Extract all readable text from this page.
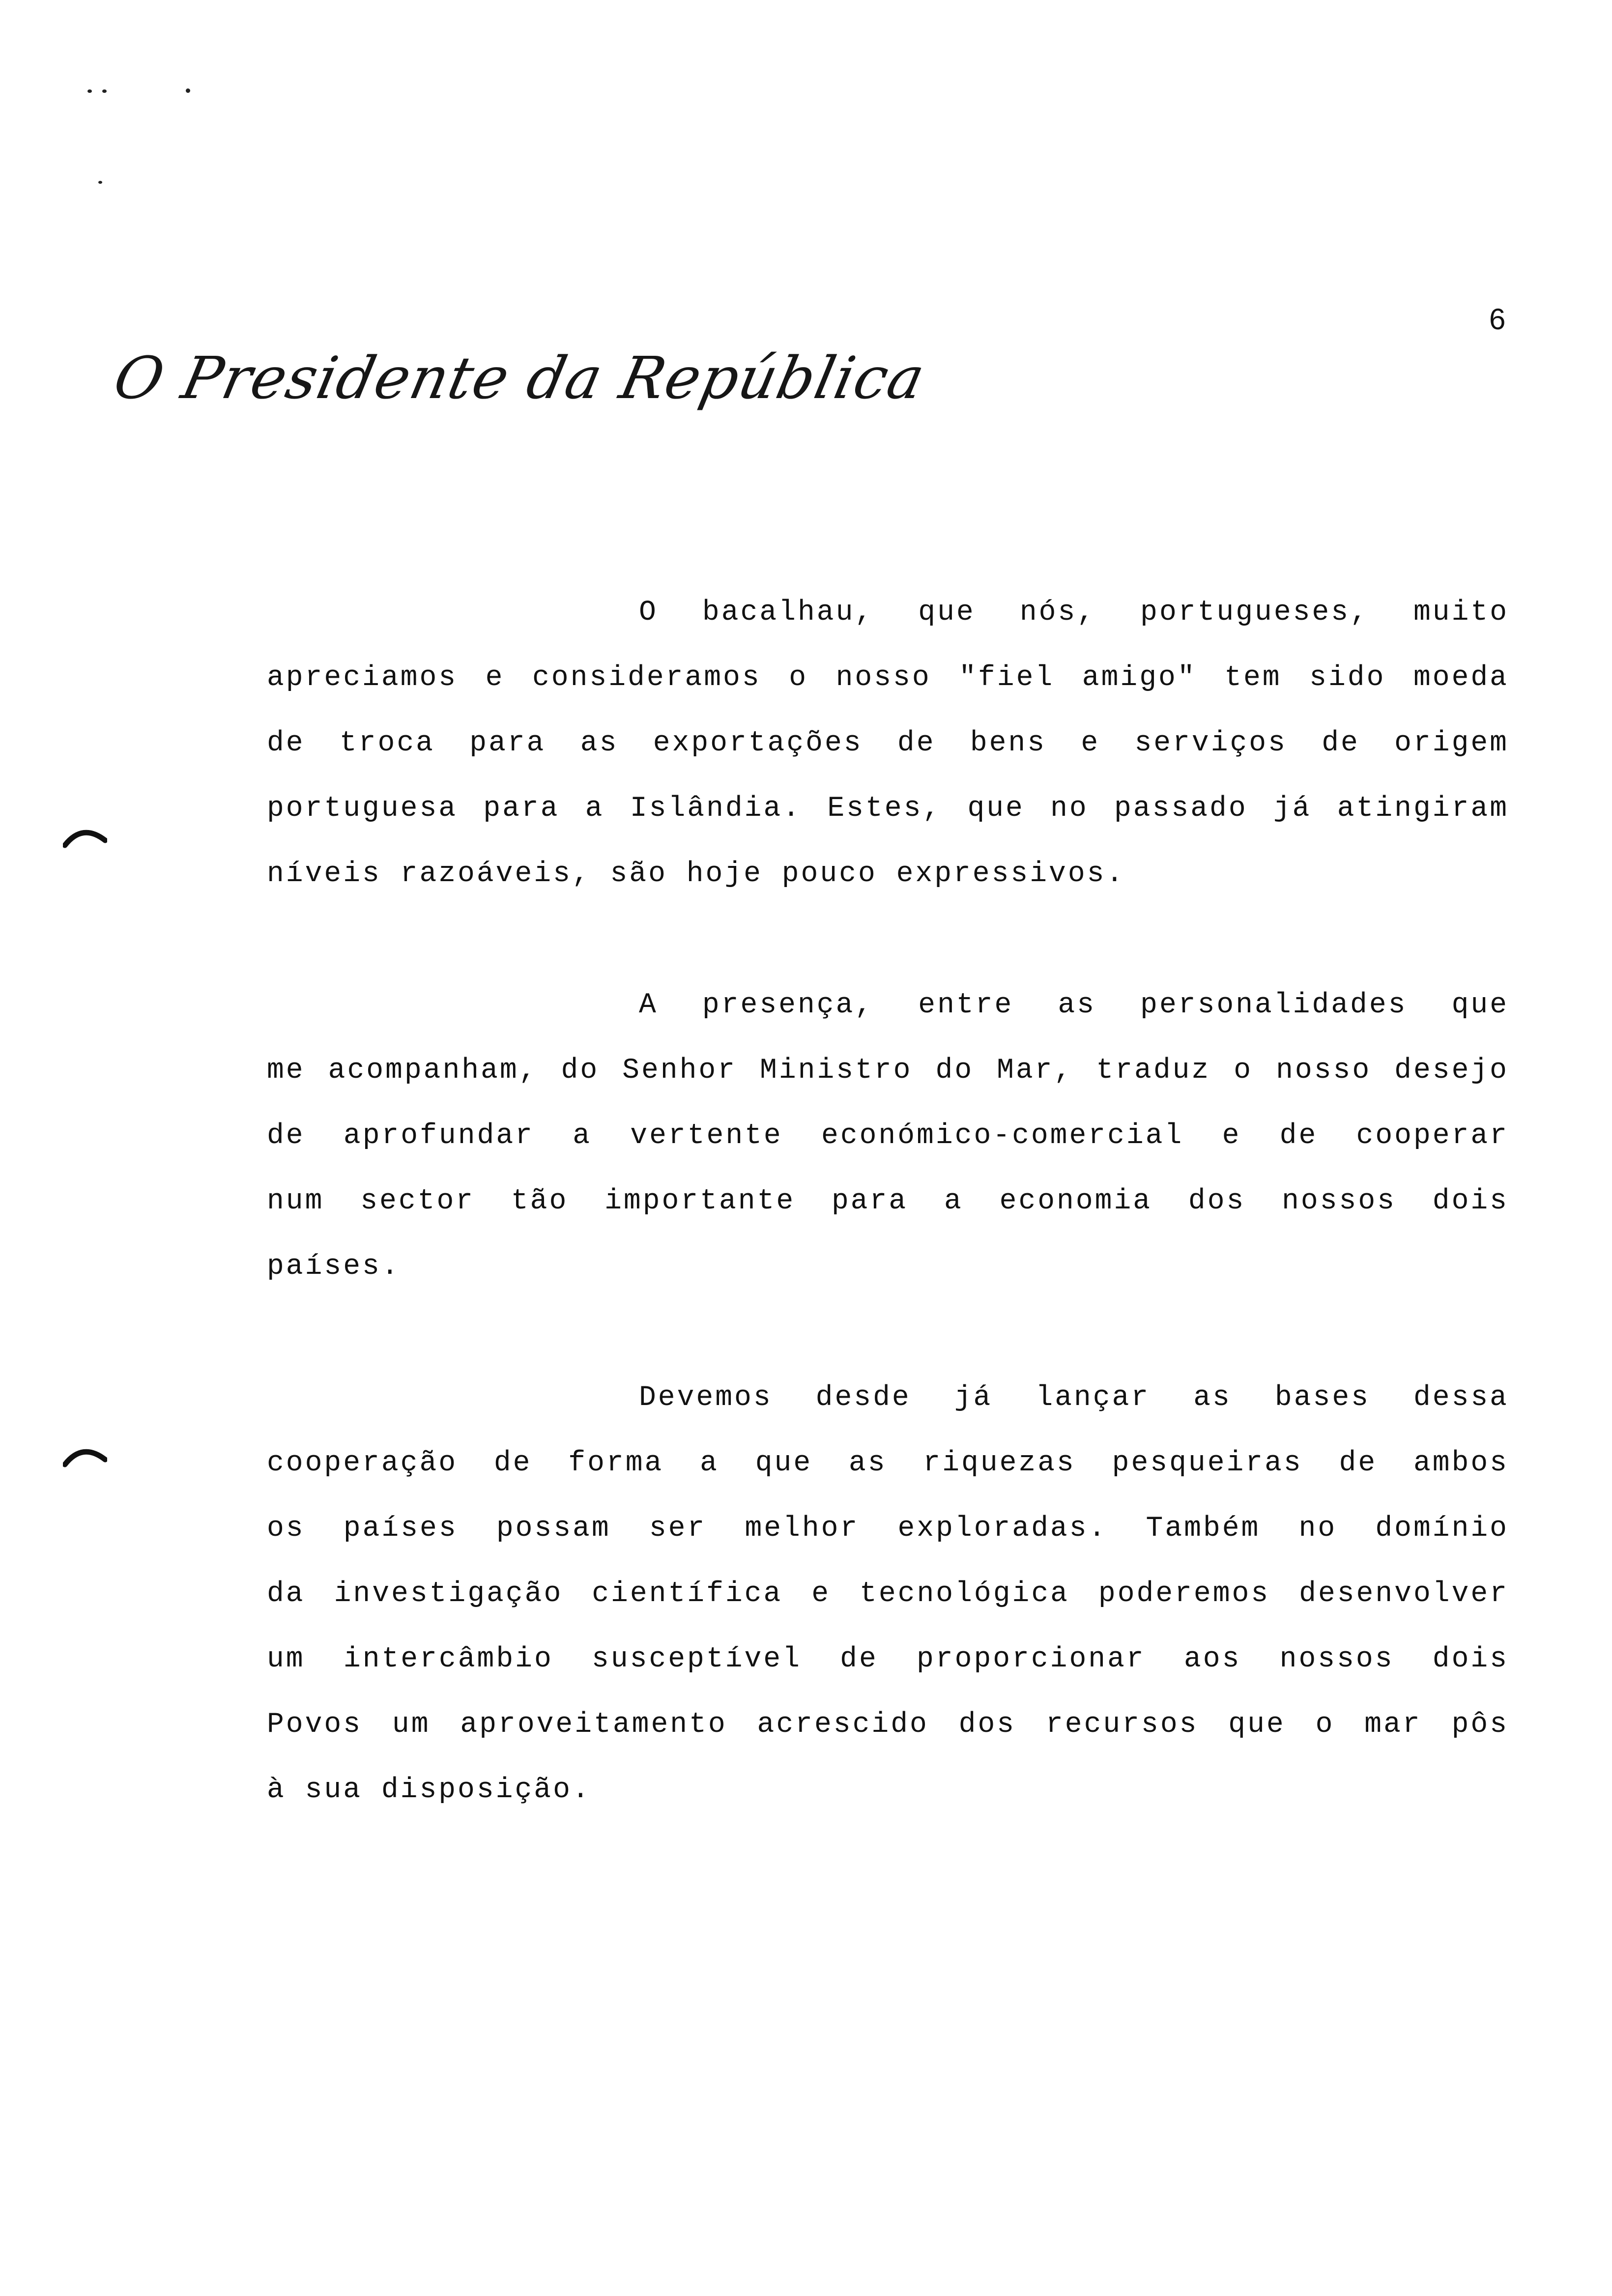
O Presidente da República
6
O bacalhau, que nós, portugueses, muito
apreciamos e consideramos o nosso "fiel amigo" tem sido moeda
de troca para as exportações de bens e serviços de origem
portuguesa para a Islândia. Estes, que no passado já atingiram
níveis razoáveis, são hoje pouco expressivos.
A presença, entre as personalidades que
me acompanham, do Senhor Ministro do Mar, traduz o nosso desejo
de aprofundar a vertente económico-comercial e de cooperar
num sector tão importante para a economia dos nossos dois
países.
Devemos desde já lançar as bases dessa
cooperação de forma a que as riquezas pesqueiras de ambos
os países possam ser melhor exploradas. Também no domínio
da investigação científica e tecnológica poderemos desenvolver
um intercâmbio susceptível de proporcionar aos nossos dois
Povos um aproveitamento acrescido dos recursos que o mar pôs
à sua disposição.
